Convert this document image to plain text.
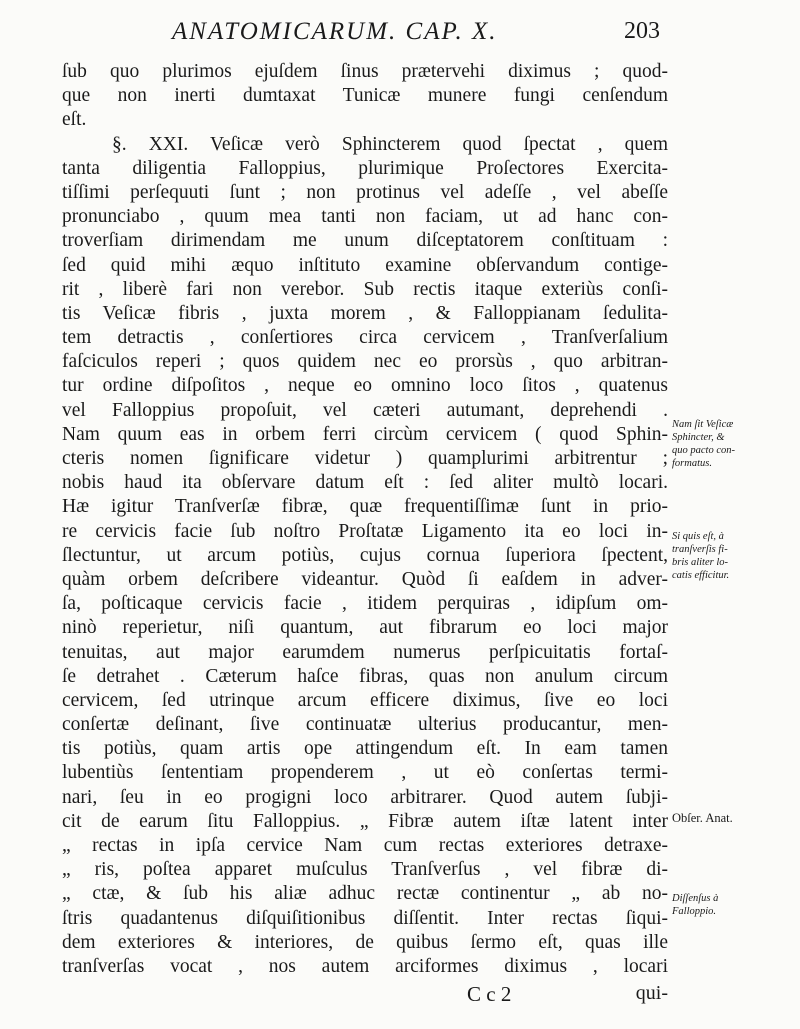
ANATOMICARUM. CAP. X.	203
ſub quo plurimos ejuſdem ſinus prætervehi diximus ; quod-
que non inerti dumtaxat Tunicæ munere fungi cenſendum
eſt.
§. XXI. Veſicæ verò Sphincterem quod ſpectat , quem
tanta diligentia Falloppius, plurimique Proſectores Exercita-
tiſſimi perſequuti ſunt ; non protinus vel adeſſe , vel abeſſe
pronunciabo , quum mea tanti non faciam, ut ad hanc con-
troverſiam dirimendam me unum diſceptatorem conſtituam :
ſed quid mihi æquo inſtituto examine obſervandum contige-
rit , liberè fari non verebor. Sub rectis itaque exteriùs conſi-
tis Veſicæ fibris , juxta morem , & Falloppianam ſedulita-
tem detractis , conſertiores circa cervicem , Tranſverſalium
faſciculos reperi ; quos quidem nec eo prorsùs , quo arbitran-
tur ordine diſpoſitos , neque eo omnino loco ſitos , quatenus
vel Falloppius propoſuit, vel cæteri autumant, deprehendi .
Nam quum eas in orbem ferri circùm cervicem ( quod Sphin-
cteris nomen ſignificare videtur ) quamplurimi arbitrentur ;
nobis haud ita obſervare datum eſt : ſed aliter multò locari.
Hæ igitur Tranſverſæ fibræ, quæ frequentiſſimæ ſunt in prio-
re cervicis facie ſub noſtro Proſtatæ Ligamento ita eo loci in-
ſlectuntur, ut arcum potiùs, cujus cornua ſuperiora ſpectent,
quàm orbem deſcribere videantur. Quòd ſi eaſdem in adver-
ſa, poſticaque cervicis facie , itidem perquiras , idipſum om-
ninò reperietur, niſi quantum, aut fibrarum eo loci major
tenuitas, aut major earumdem numerus perſpicuitatis fortaſ-
ſe detrahet . Cæterum haſce fibras, quas non anulum circum
cervicem, ſed utrinque arcum efficere diximus, ſive eo loci
conſertæ deſinant, ſive continuatæ ulterius producantur, men-
tis potiùs, quam artis ope attingendum eſt. In eam tamen
lubentiùs ſententiam propenderem , ut eò conſertas termi-
nari, ſeu in eo progigni loco arbitrarer. Quod autem ſubji-
cit de earum ſitu Falloppius. „ Fibræ autem iſtæ latent inter
„ rectas in ipſa cervice Nam cum rectas exteriores detraxe-
„ ris, poſtea apparet muſculus Tranſverſus , vel fibræ di-
„ ctæ, & ſub his aliæ adhuc rectæ continentur „ ab no-
ſtris quadantenus diſquiſitionibus diſſentit. Inter rectas ſiqui-
dem exteriores & interiores, de quibus ſermo eſt, quas ille
tranſverſas vocat , nos autem arciformes diximus , locari
Nam ſit Veſicæ
Sphincter, &
quo pacto con-
formatus.
Si quis eſt, à
tranſverſis fi-
bris aliter lo-
catis efficitur.
Obſer. Anat.
Diſſenſus à
Falloppio.
C c 2	qui-
